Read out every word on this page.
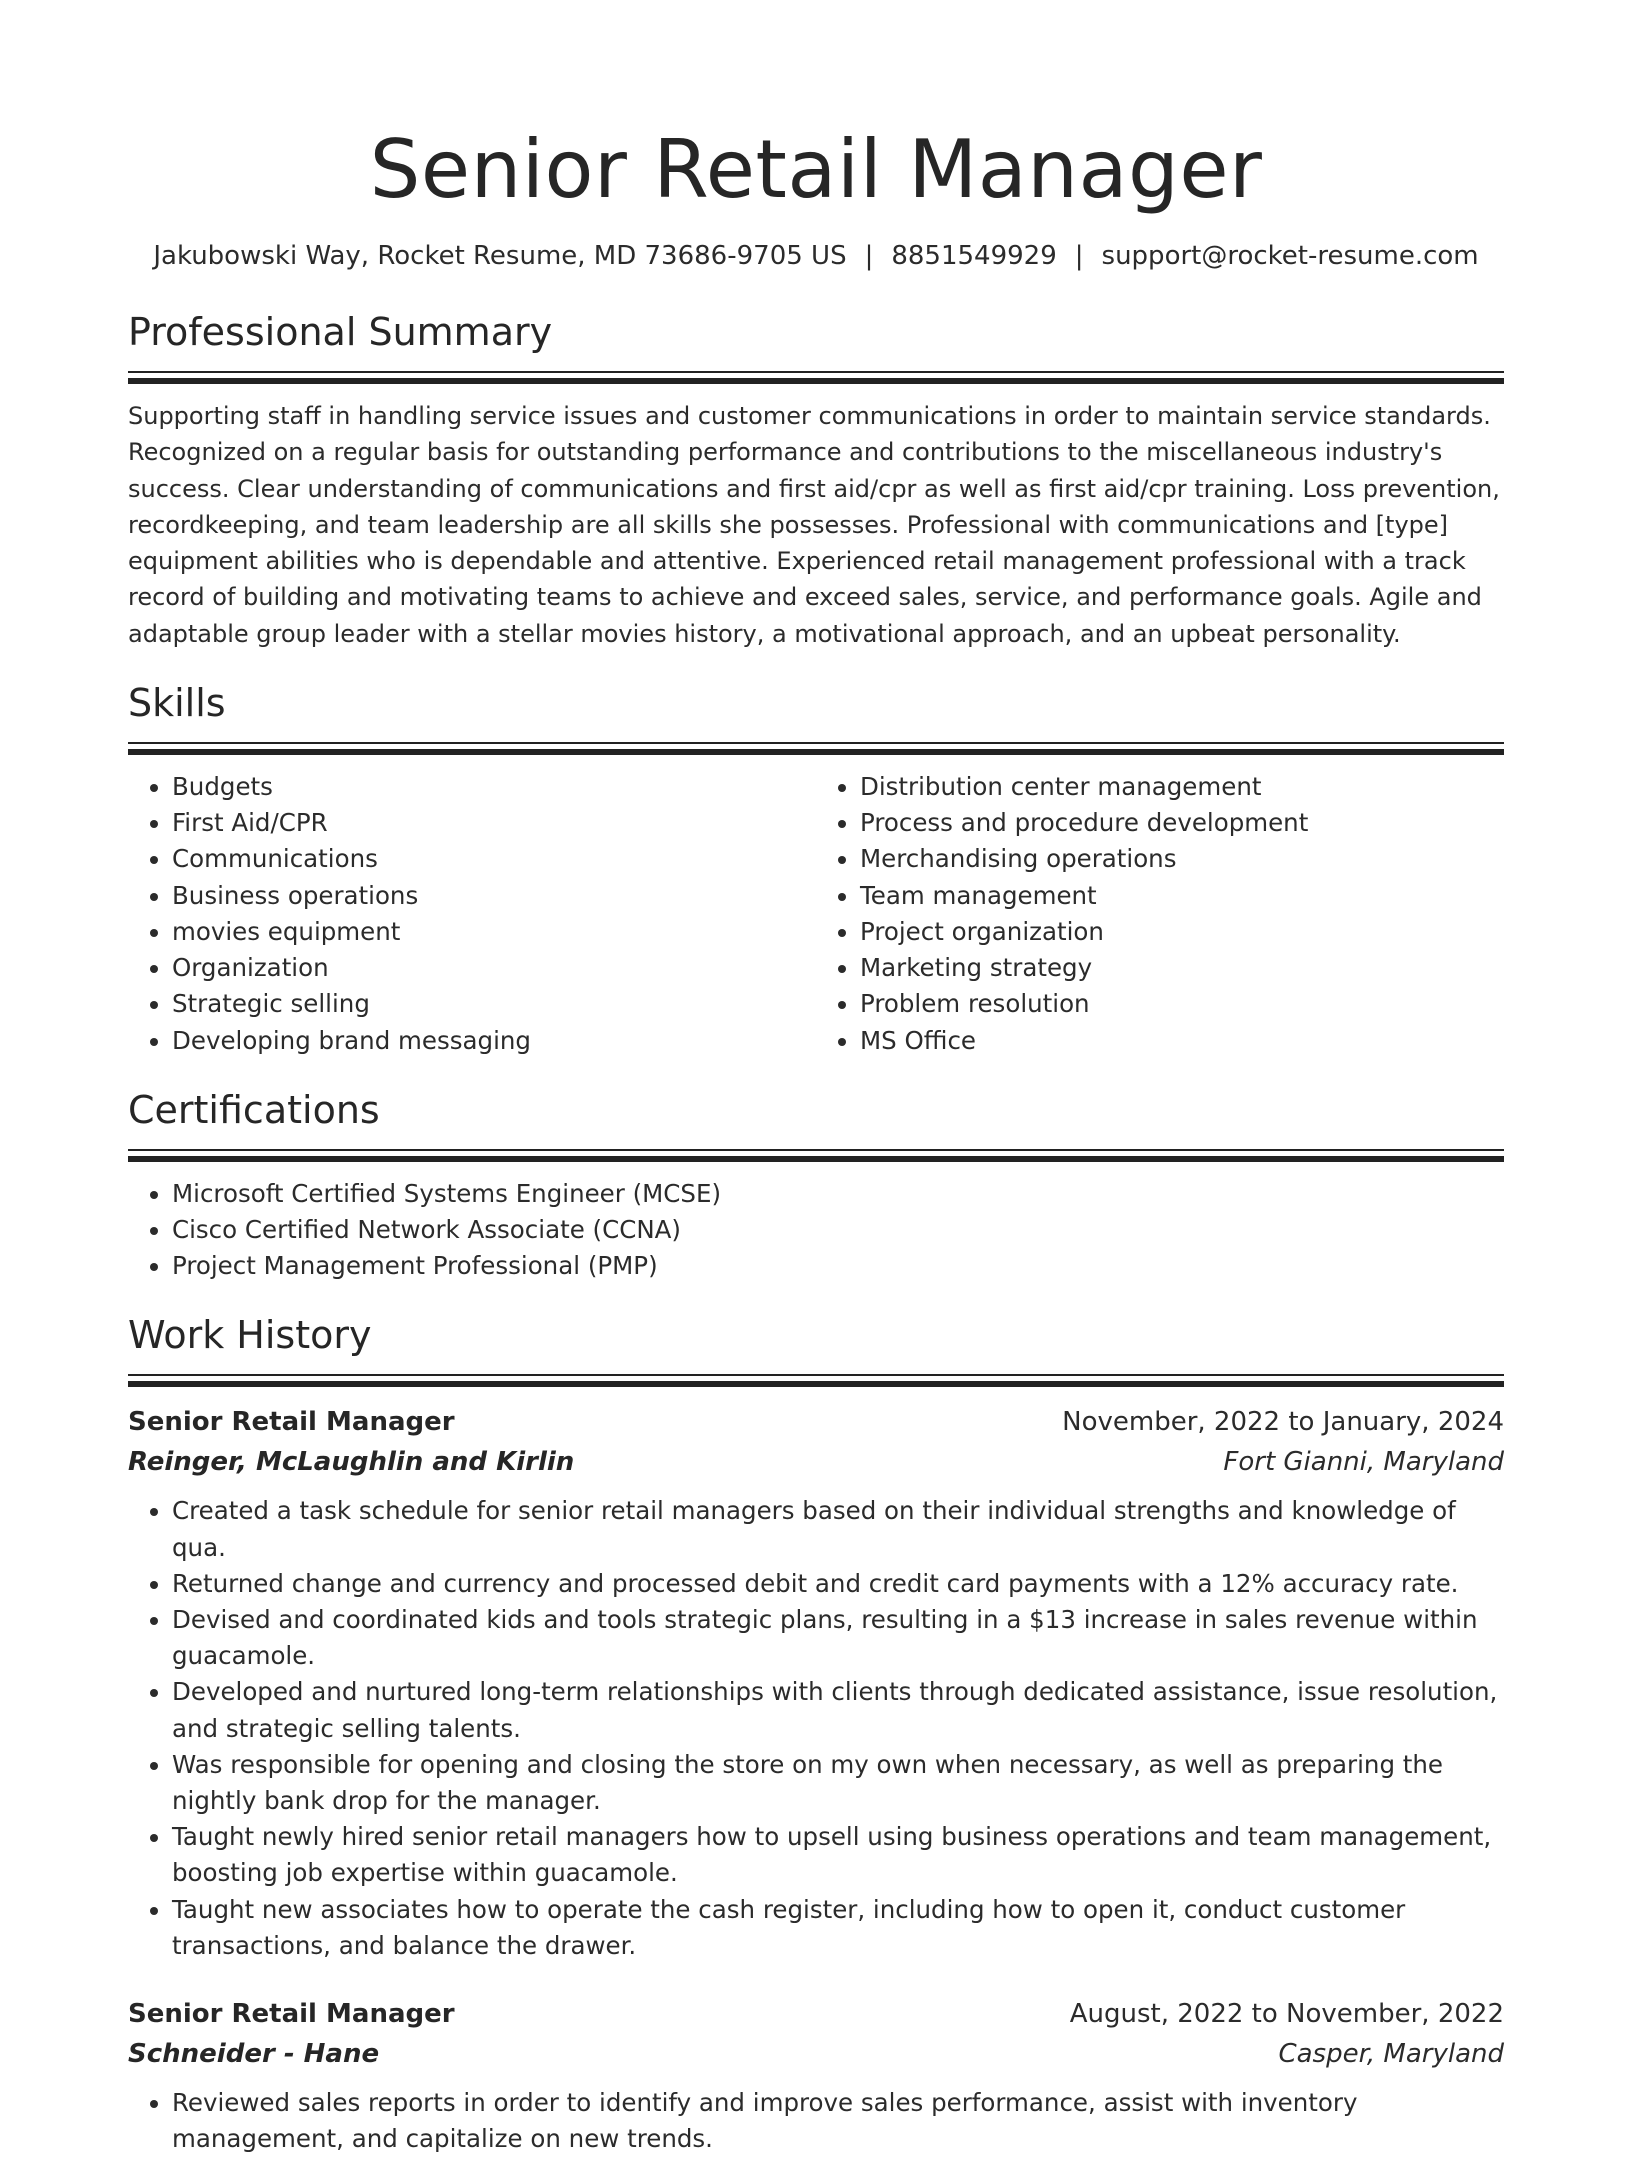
Senior Retail Manager
Jakubowski Way, Rocket Resume, MD 73686-9705 US | 8851549929 | support@rocket-resume.com
Professional Summary
Supporting staff in handling service issues and customer communications in order to maintain service standards. Recognized on a regular basis for outstanding performance and contributions to the miscellaneous industry's success. Clear understanding of communications and first aid/cpr as well as first aid/cpr training. Loss prevention, recordkeeping, and team leadership are all skills she possesses. Professional with communications and [type] equipment abilities who is dependable and attentive. Experienced retail management professional with a track record of building and motivating teams to achieve and exceed sales, service, and performance goals. Agile and adaptable group leader with a stellar movies history, a motivational approach, and an upbeat personality.
Skills
• Budgets
• First Aid/CPR
• Communications
• Business operations
• movies equipment
• Organization
• Strategic selling
• Developing brand messaging
• Distribution center management
• Process and procedure development
• Merchandising operations
• Team management
• Project organization
• Marketing strategy
• Problem resolution
• MS Office
Certifications
• Microsoft Certified Systems Engineer (MCSE)
• Cisco Certified Network Associate (CCNA)
• Project Management Professional (PMP)
Work History
Senior Retail Manager	November, 2022 to January, 2024
Reinger, McLaughlin and Kirlin	Fort Gianni, Maryland
• Created a task schedule for senior retail managers based on their individual strengths and knowledge of qua.
• Returned change and currency and processed debit and credit card payments with a 12% accuracy rate.
• Devised and coordinated kids and tools strategic plans, resulting in a $13 increase in sales revenue within guacamole.
• Developed and nurtured long-term relationships with clients through dedicated assistance, issue resolution, and strategic selling talents.
• Was responsible for opening and closing the store on my own when necessary, as well as preparing the nightly bank drop for the manager.
• Taught newly hired senior retail managers how to upsell using business operations and team management, boosting job expertise within guacamole.
• Taught new associates how to operate the cash register, including how to open it, conduct customer transactions, and balance the drawer.
Senior Retail Manager	August, 2022 to November, 2022
Schneider - Hane	Casper, Maryland
• Reviewed sales reports in order to identify and improve sales performance, assist with inventory management, and capitalize on new trends.
